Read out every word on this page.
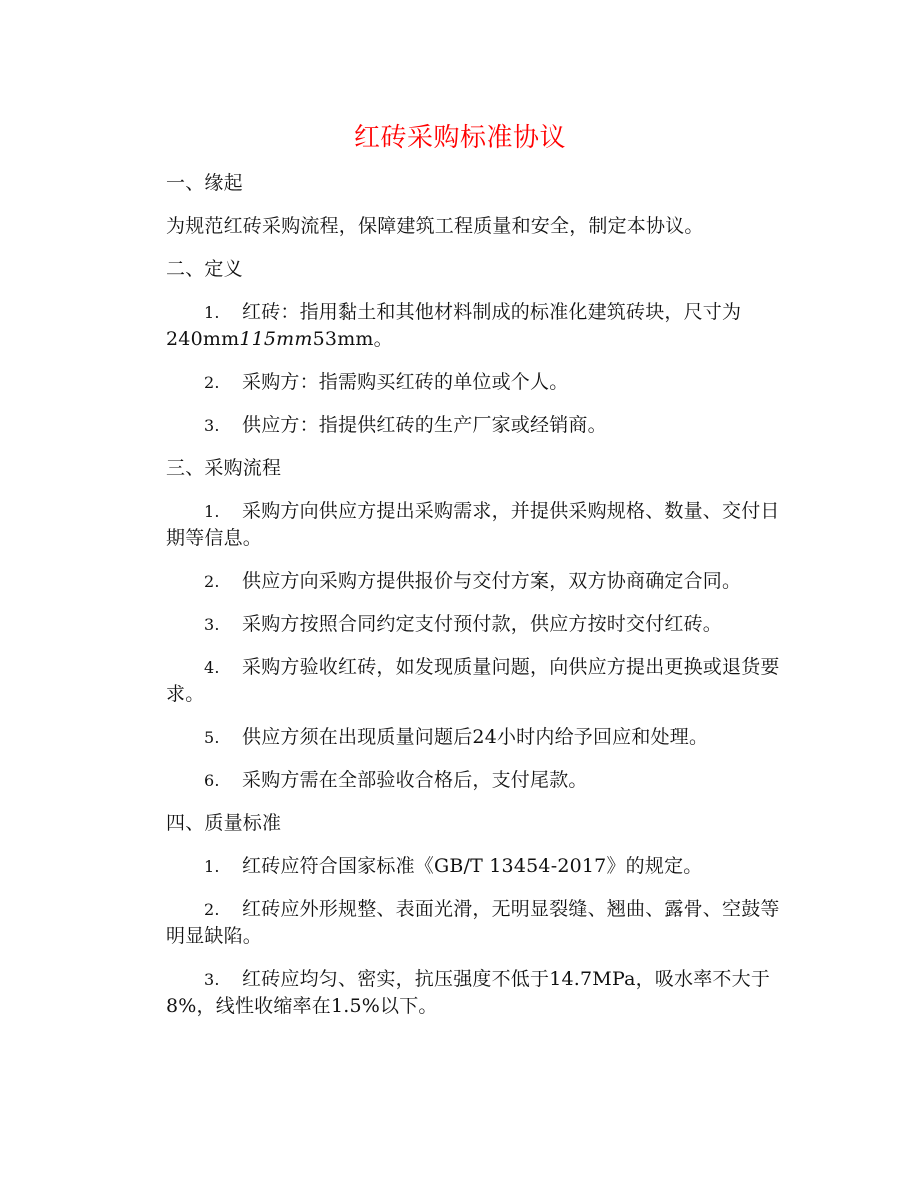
红砖采购标准协议
一、缘起
为规范红砖采购流程，保障建筑工程质量和安全，制定本协议。
二、定义
1. 红砖：指用黏土和其他材料制成的标准化建筑砖块，尺寸为240mm115mm53mm。
2. 采购方：指需购买红砖的单位或个人。
3. 供应方：指提供红砖的生产厂家或经销商。
三、采购流程
1. 采购方向供应方提出采购需求，并提供采购规格、数量、交付日期等信息。
2. 供应方向采购方提供报价与交付方案，双方协商确定合同。
3. 采购方按照合同约定支付预付款，供应方按时交付红砖。
4. 采购方验收红砖，如发现质量问题，向供应方提出更换或退货要求。
5. 供应方须在出现质量问题后24小时内给予回应和处理。
6. 采购方需在全部验收合格后，支付尾款。
四、质量标准
1. 红砖应符合国家标准《GB/T 13454-2017》的规定。
2. 红砖应外形规整、表面光滑，无明显裂缝、翘曲、露骨、空鼓等明显缺陷。
3. 红砖应均匀、密实，抗压强度不低于14.7MPa，吸水率不大于8%，线性收缩率在1.5%以下。
